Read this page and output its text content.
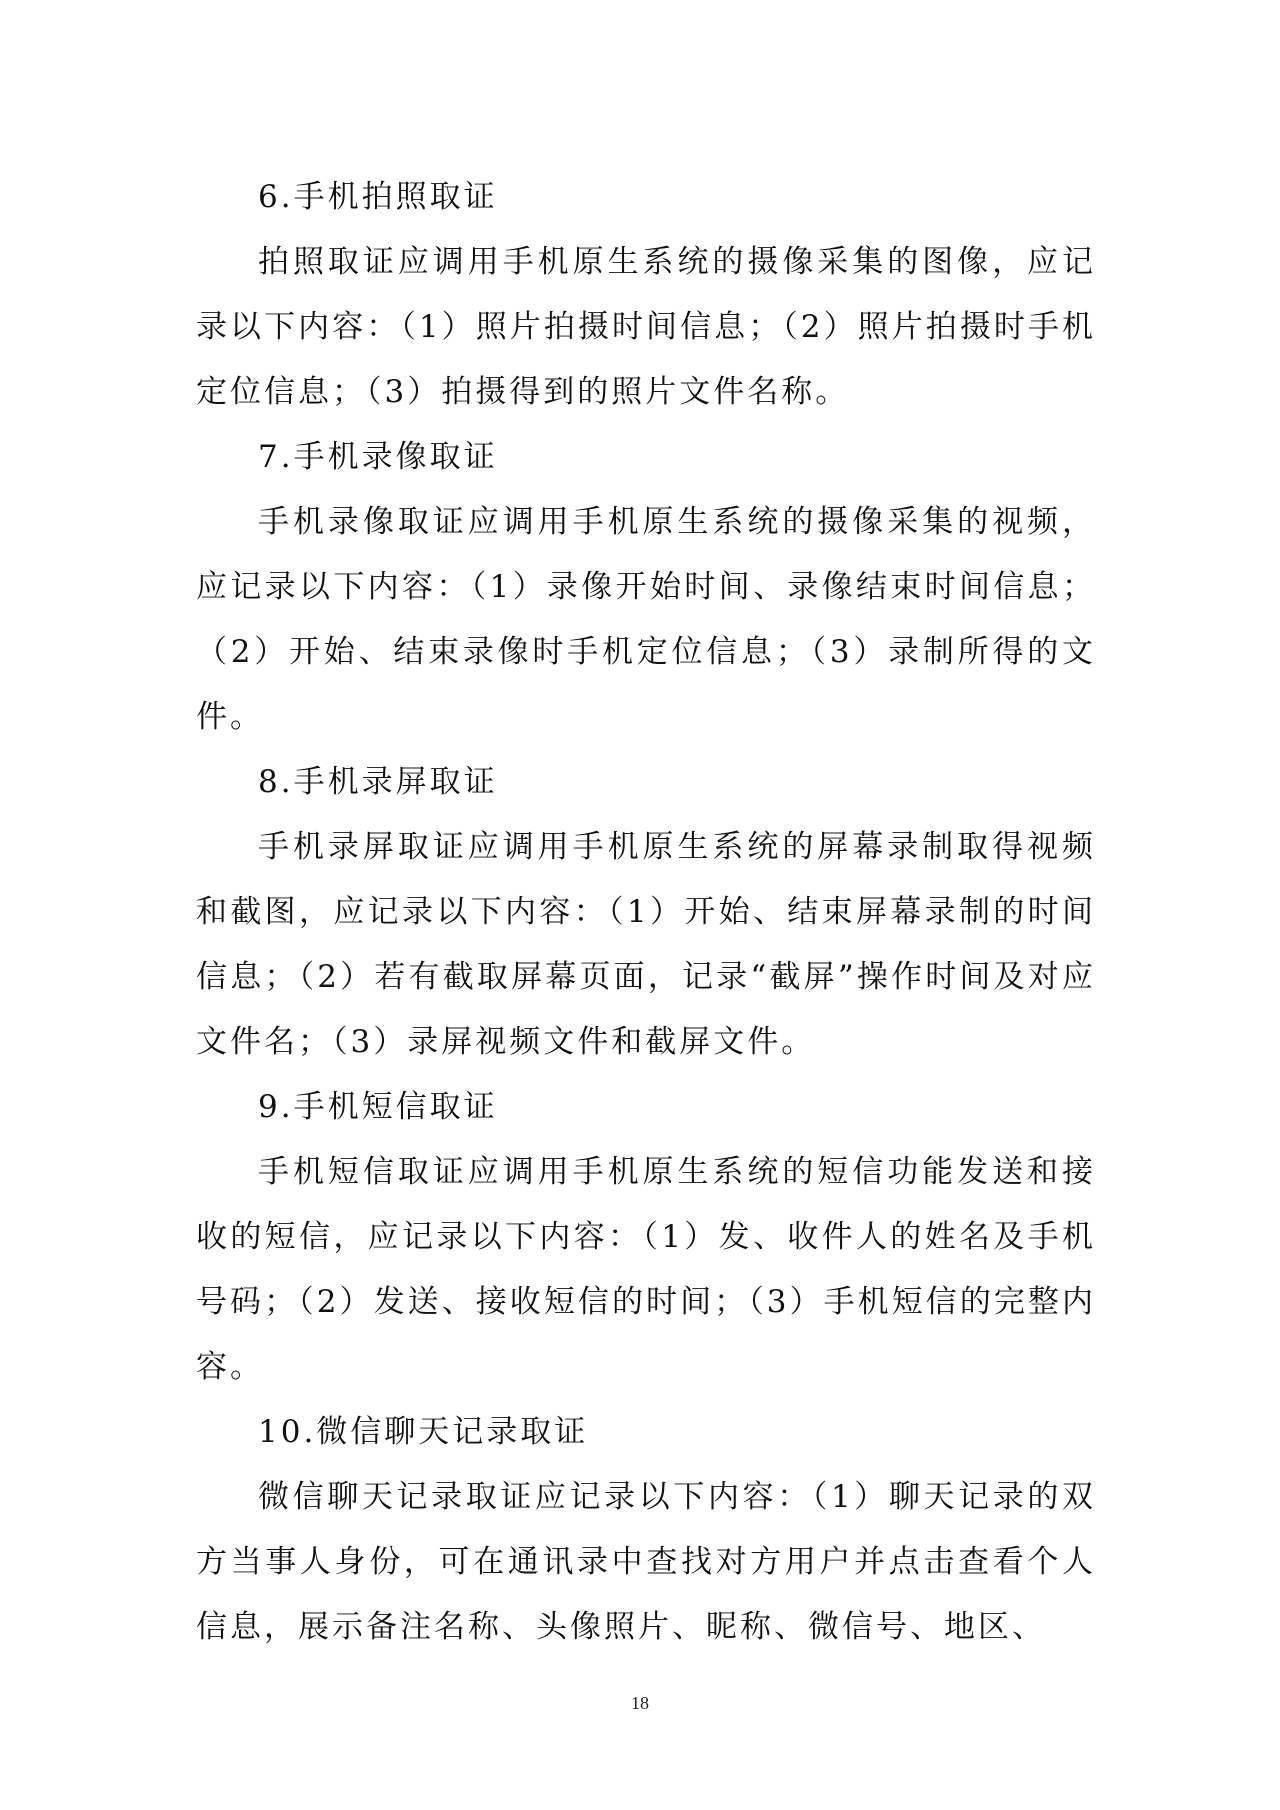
6.手机拍照取证

拍照取证应调用手机原生系统的摄像采集的图像，应记录以下内容：（1）照片拍摄时间信息；（2）照片拍摄时手机定位信息；（3）拍摄得到的照片文件名称。

7.手机录像取证

手机录像取证应调用手机原生系统的摄像采集的视频，应记录以下内容：（1）录像开始时间、录像结束时间信息；（2）开始、结束录像时手机定位信息；（3）录制所得的文件。

8.手机录屏取证

手机录屏取证应调用手机原生系统的屏幕录制取得视频和截图，应记录以下内容：（1）开始、结束屏幕录制的时间信息；（2）若有截取屏幕页面，记录“截屏”操作时间及对应文件名；（3）录屏视频文件和截屏文件。

9.手机短信取证

手机短信取证应调用手机原生系统的短信功能发送和接收的短信，应记录以下内容：（1）发、收件人的姓名及手机号码；（2）发送、接收短信的时间；（3）手机短信的完整内容。

10.微信聊天记录取证

微信聊天记录取证应记录以下内容：（1）聊天记录的双方当事人身份，可在通讯录中查找对方用户并点击查看个人信息，展示备注名称、头像照片、昵称、微信号、地区、

18
